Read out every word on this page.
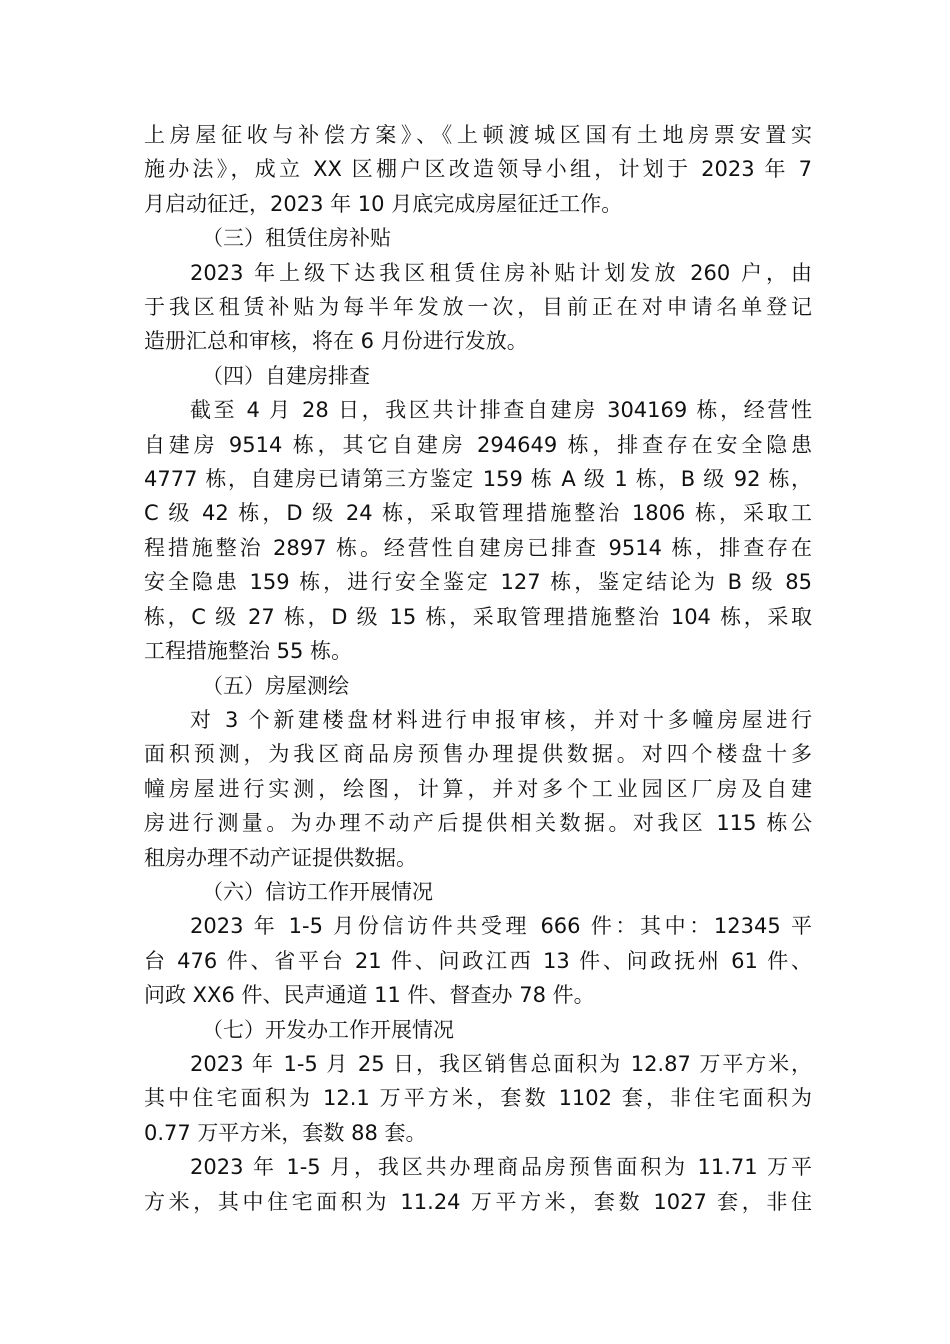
上房屋征收与补偿方案》、《上顿渡城区国有土地房票安置实
施办法》，成立 XX 区棚户区改造领导小组，计划于 2023 年 7
月启动征迁，2023 年 10 月底完成房屋征迁工作。
（三）租赁住房补贴
2023 年上级下达我区租赁住房补贴计划发放 260 户，由
于我区租赁补贴为每半年发放一次，目前正在对申请名单登记
造册汇总和审核，将在 6 月份进行发放。
（四）自建房排查
截至 4 月 28 日，我区共计排查自建房 304169 栋，经营性
自建房 9514 栋，其它自建房 294649 栋，排查存在安全隐患
4777 栋，自建房已请第三方鉴定 159 栋 A 级 1 栋，B 级 92 栋，
C 级 42 栋，D 级 24 栋，采取管理措施整治 1806 栋，采取工
程措施整治 2897 栋。经营性自建房已排查 9514 栋，排查存在
安全隐患 159 栋，进行安全鉴定 127 栋，鉴定结论为 B 级 85
栋，C 级 27 栋，D 级 15 栋，采取管理措施整治 104 栋，采取
工程措施整治 55 栋。
（五）房屋测绘
对 3 个新建楼盘材料进行申报审核，并对十多幢房屋进行
面积预测，为我区商品房预售办理提供数据。对四个楼盘十多
幢房屋进行实测，绘图，计算，并对多个工业园区厂房及自建
房进行测量。为办理不动产后提供相关数据。对我区 115 栋公
租房办理不动产证提供数据。
（六）信访工作开展情况
2023 年 1-5 月份信访件共受理 666 件：其中：12345 平
台 476 件、省平台 21 件、问政江西 13 件、问政抚州 61 件、
问政 XX6 件、民声通道 11 件、督查办 78 件。
（七）开发办工作开展情况
2023 年 1-5 月 25 日，我区销售总面积为 12.87 万平方米，
其中住宅面积为 12.1 万平方米，套数 1102 套，非住宅面积为
0.77 万平方米，套数 88 套。
2023 年 1-5 月，我区共办理商品房预售面积为 11.71 万平
方米，其中住宅面积为 11.24 万平方米，套数 1027 套，非住
